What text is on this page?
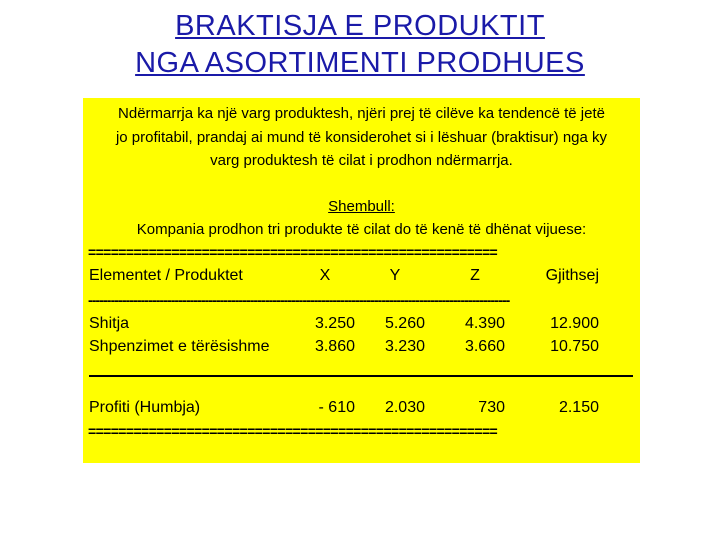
BRAKTISJA E PRODUKTIT
NGA ASORTIMENTI PRODHUES
Ndërmarrja ka një varg produktesh, njëri prej të cilëve ka tendencë të jetë
jo profitabil, prandaj ai mund të konsiderohet si i lëshuar (braktisur) nga ky
varg produktesh të cilat i prodhon ndërmarrja.
Shembull:
Kompania prodhon tri produkte të cilat do të kenë të dhënat vijuese:
======================================================
Elementet / Produktet	X	Y	Z	Gjithsej
----------------------------------------------------------------------------------------------------------------
Shitja	3.250	5.260	4.390	12.900
Shpenzimet e tërësishme	3.860	3.230	3.660	10.750
Profiti (Humbja)	- 610	2.030	730	2.150
======================================================
